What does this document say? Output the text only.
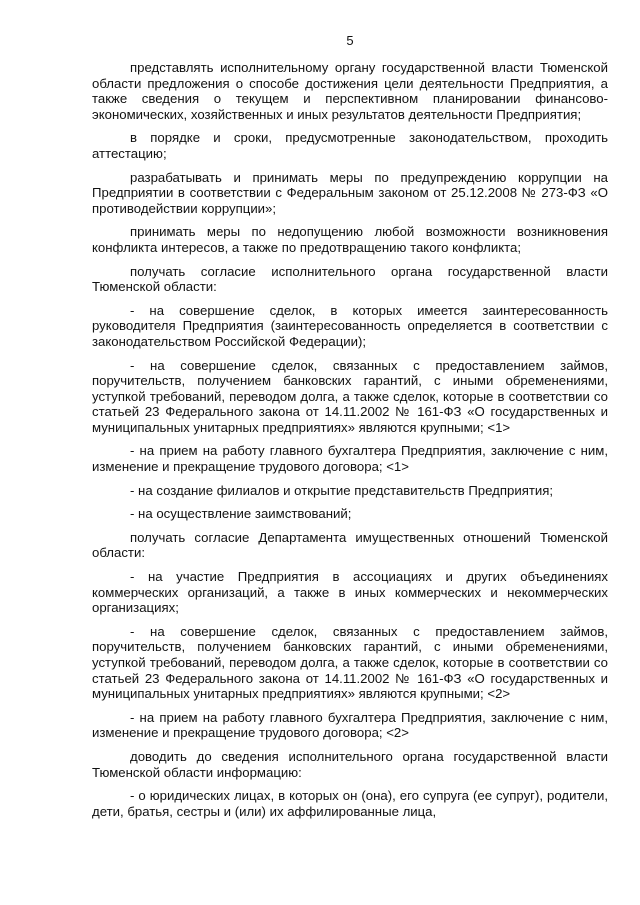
5

представлять исполнительному органу государственной власти Тюменской области предложения о способе достижения цели деятельности Предприятия, а также сведения о текущем и перспективном планировании финансово-экономических, хозяйственных и иных результатов деятельности Предприятия;

в порядке и сроки, предусмотренные законодательством, проходить аттестацию;

разрабатывать и принимать меры по предупреждению коррупции на Предприятии в соответствии с Федеральным законом от 25.12.2008 № 273-ФЗ «О противодействии коррупции»;

принимать меры по недопущению любой возможности возникновения конфликта интересов, а также по предотвращению такого конфликта;

получать согласие исполнительного органа государственной власти Тюменской области:

- на совершение сделок, в которых имеется заинтересованность руководителя Предприятия (заинтересованность определяется в соответствии с законодательством Российской Федерации);

- на совершение сделок, связанных с предоставлением займов, поручительств, получением банковских гарантий, с иными обременениями, уступкой требований, переводом долга, а также сделок, которые в соответствии со статьей 23 Федерального закона от 14.11.2002 № 161-ФЗ «О государственных и муниципальных унитарных предприятиях» являются крупными; <1>

- на прием на работу главного бухгалтера Предприятия, заключение с ним, изменение и прекращение трудового договора; <1>

- на создание филиалов и открытие представительств Предприятия;

- на осуществление заимствований;

получать согласие Департамента имущественных отношений Тюменской области:

- на участие Предприятия в ассоциациях и других объединениях коммерческих организаций, а также в иных коммерческих и некоммерческих организациях;

- на совершение сделок, связанных с предоставлением займов, поручительств, получением банковских гарантий, с иными обременениями, уступкой требований, переводом долга, а также сделок, которые в соответствии со статьей 23 Федерального закона от 14.11.2002 № 161-ФЗ «О государственных и муниципальных унитарных предприятиях» являются крупными; <2>

- на прием на работу главного бухгалтера Предприятия, заключение с ним, изменение и прекращение трудового договора; <2>

доводить до сведения исполнительного органа государственной власти Тюменской области информацию:

- о юридических лицах, в которых он (она), его супруга (ее супруг), родители, дети, братья, сестры и (или) их аффилированные лица,
